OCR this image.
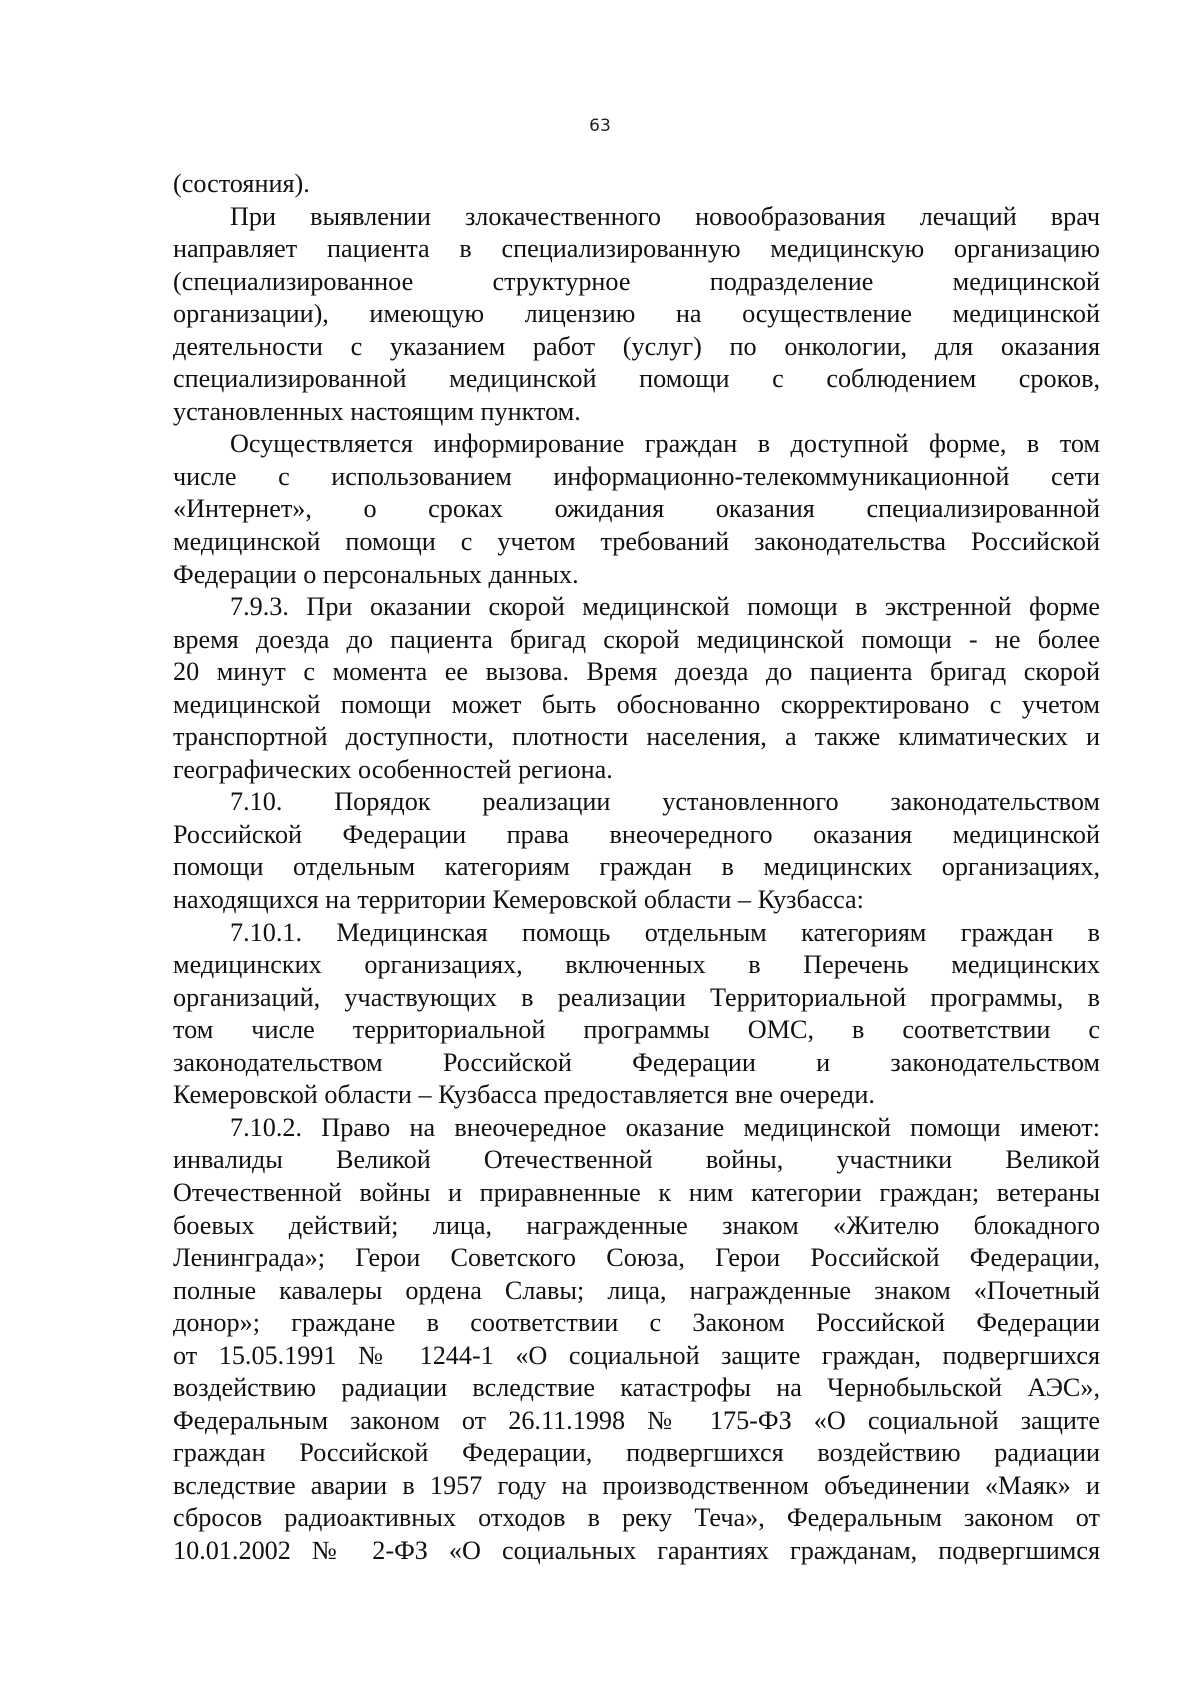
63
(состояния).
При выявлении злокачественного новообразования лечащий врач
направляет пациента в специализированную медицинскую организацию
(специализированное структурное подразделение медицинской
организации), имеющую лицензию на осуществление медицинской
деятельности с указанием работ (услуг) по онкологии, для оказания
специализированной медицинской помощи с соблюдением сроков,
установленных настоящим пунктом.
Осуществляется информирование граждан в доступной форме, в том
числе с использованием информационно-телекоммуникационной сети
«Интернет», о сроках ожидания оказания специализированной
медицинской помощи с учетом требований законодательства Российской
Федерации о персональных данных.
7.9.3. При оказании скорой медицинской помощи в экстренной форме
время доезда до пациента бригад скорой медицинской помощи - не более
20 минут с момента ее вызова. Время доезда до пациента бригад скорой
медицинской помощи может быть обоснованно скорректировано с учетом
транспортной доступности, плотности населения, а также климатических и
географических особенностей региона.
7.10. Порядок реализации установленного законодательством
Российской Федерации права внеочередного оказания медицинской
помощи отдельным категориям граждан в медицинских организациях,
находящихся на территории Кемеровской области – Кузбасса:
7.10.1. Медицинская помощь отдельным категориям граждан в
медицинских организациях, включенных в Перечень медицинских
организаций, участвующих в реализации Территориальной программы, в
том числе территориальной программы ОМС, в соответствии с
законодательством Российской Федерации и законодательством
Кемеровской области – Кузбасса предоставляется вне очереди.
7.10.2. Право на внеочередное оказание медицинской помощи имеют:
инвалиды Великой Отечественной войны, участники Великой
Отечественной войны и приравненные к ним категории граждан; ветераны
боевых действий; лица, награжденные знаком «Жителю блокадного
Ленинграда»; Герои Советского Союза, Герои Российской Федерации,
полные кавалеры ордена Славы; лица, награжденные знаком «Почетный
донор»; граждане в соответствии с Законом Российской Федерации
от 15.05.1991 № 1244-1 «О социальной защите граждан, подвергшихся
воздействию радиации вследствие катастрофы на Чернобыльской АЭС»,
Федеральным законом от 26.11.1998 № 175-ФЗ «О социальной защите
граждан Российской Федерации, подвергшихся воздействию радиации
вследствие аварии в 1957 году на производственном объединении «Маяк» и
сбросов радиоактивных отходов в реку Теча», Федеральным законом от
10.01.2002 № 2-ФЗ «О социальных гарантиях гражданам, подвергшимся
